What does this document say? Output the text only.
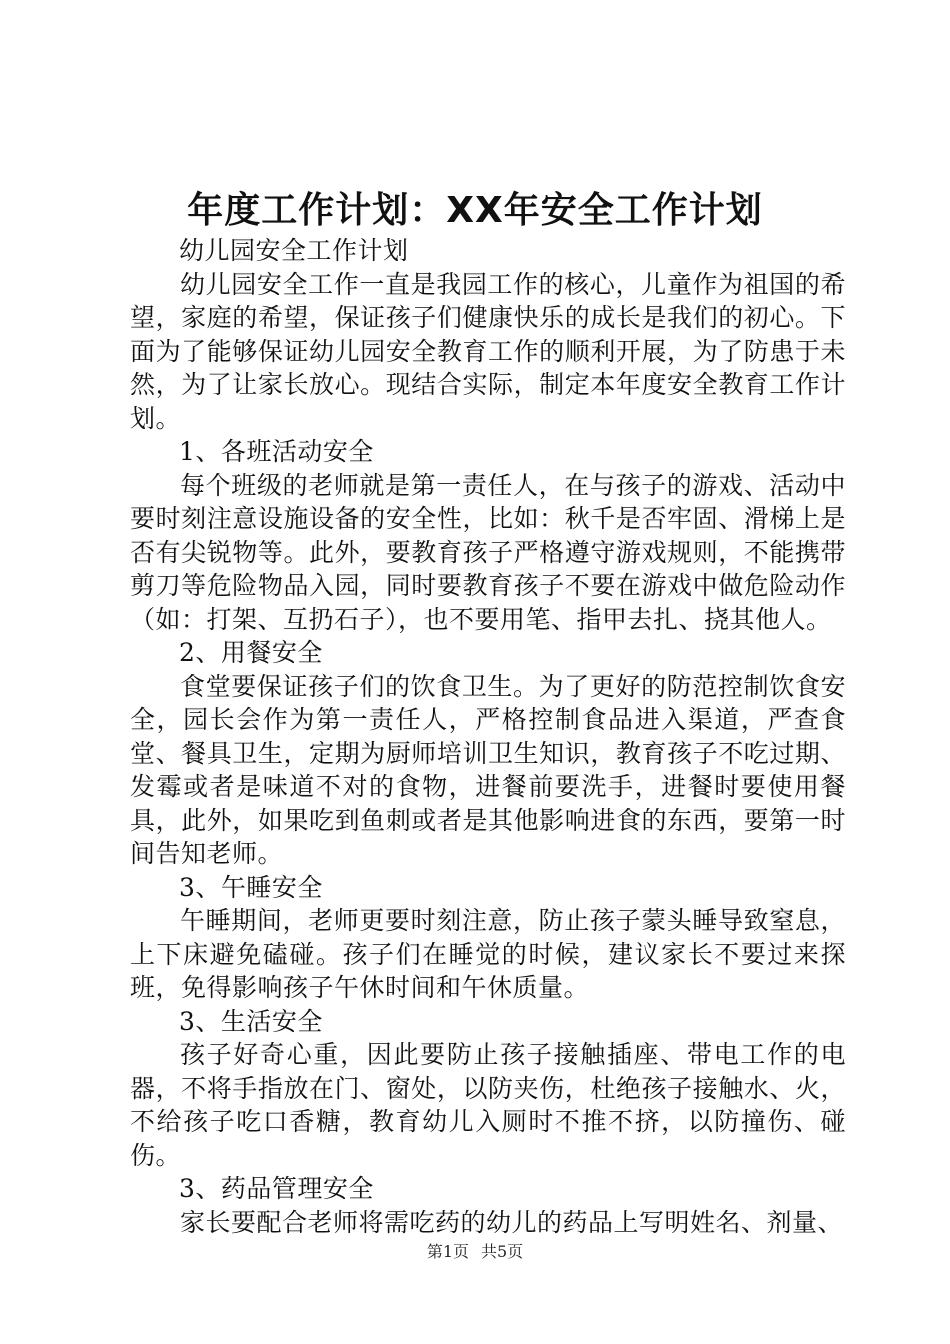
年度工作计划：XX年安全工作计划

幼儿园安全工作计划

幼儿园安全工作一直是我园工作的核心，儿童作为祖国的希望，家庭的希望，保证孩子们健康快乐的成长是我们的初心。下面为了能够保证幼儿园安全教育工作的顺利开展，为了防患于未然，为了让家长放心。现结合实际，制定本年度安全教育工作计划。

1、各班活动安全

每个班级的老师就是第一责任人，在与孩子的游戏、活动中要时刻注意设施设备的安全性，比如：秋千是否牢固、滑梯上是否有尖锐物等。此外，要教育孩子严格遵守游戏规则，不能携带剪刀等危险物品入园，同时要教育孩子不要在游戏中做危险动作（如：打架、互扔石子），也不要用笔、指甲去扎、挠其他人。

2、用餐安全

食堂要保证孩子们的饮食卫生。为了更好的防范控制饮食安全，园长会作为第一责任人，严格控制食品进入渠道，严查食堂、餐具卫生，定期为厨师培训卫生知识，教育孩子不吃过期、发霉或者是味道不对的食物，进餐前要洗手，进餐时要使用餐具，此外，如果吃到鱼刺或者是其他影响进食的东西，要第一时间告知老师。

3、午睡安全

午睡期间，老师更要时刻注意，防止孩子蒙头睡导致窒息，上下床避免磕碰。孩子们在睡觉的时候，建议家长不要过来探班，免得影响孩子午休时间和午休质量。

3、生活安全

孩子好奇心重，因此要防止孩子接触插座、带电工作的电器，不将手指放在门、窗处，以防夹伤，杜绝孩子接触水、火，不给孩子吃口香糖，教育幼儿入厕时不推不挤，以防撞伤、碰伤。

3、药品管理安全

家长要配合老师将需吃药的幼儿的药品上写明姓名、剂量、

第1页 共5页
